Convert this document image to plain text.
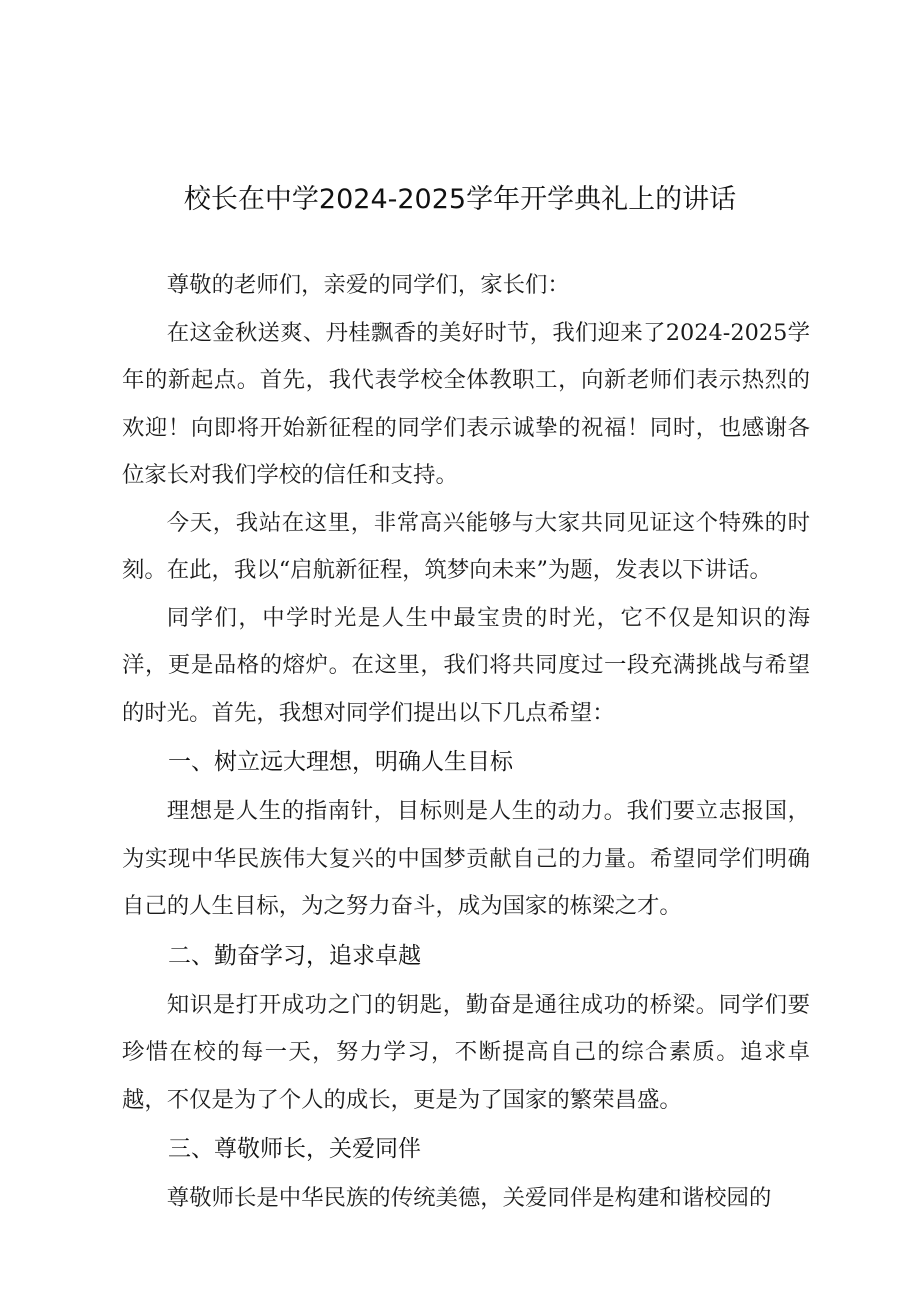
校长在中学2024-2025学年开学典礼上的讲话

尊敬的老师们，亲爱的同学们，家长们：

在这金秋送爽、丹桂飘香的美好时节，我们迎来了2024-2025学年的新起点。首先，我代表学校全体教职工，向新老师们表示热烈的欢迎！向即将开始新征程的同学们表示诚挚的祝福！同时，也感谢各位家长对我们学校的信任和支持。

今天，我站在这里，非常高兴能够与大家共同见证这个特殊的时刻。在此，我以“启航新征程，筑梦向未来”为题，发表以下讲话。

同学们，中学时光是人生中最宝贵的时光，它不仅是知识的海洋，更是品格的熔炉。在这里，我们将共同度过一段充满挑战与希望的时光。首先，我想对同学们提出以下几点希望：

一、树立远大理想，明确人生目标

理想是人生的指南针，目标则是人生的动力。我们要立志报国，为实现中华民族伟大复兴的中国梦贡献自己的力量。希望同学们明确自己的人生目标，为之努力奋斗，成为国家的栋梁之才。

二、勤奋学习，追求卓越

知识是打开成功之门的钥匙，勤奋是通往成功的桥梁。同学们要珍惜在校的每一天，努力学习，不断提高自己的综合素质。追求卓越，不仅是为了个人的成长，更是为了国家的繁荣昌盛。

三、尊敬师长，关爱同伴

尊敬师长是中华民族的传统美德，关爱同伴是构建和谐校园的
